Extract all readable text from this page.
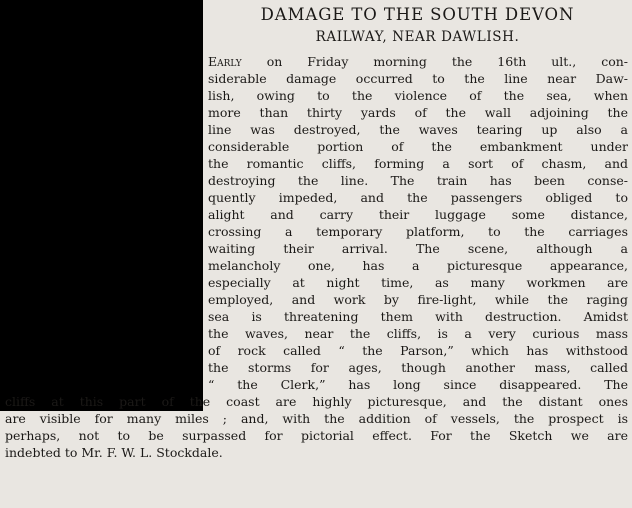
DAMAGE TO THE SOUTH DEVON
RAILWAY, NEAR DAWLISH.
Early on Friday morning the 16th ult., con-
siderable damage occurred to the line near Daw-
lish, owing to the violence of the sea, when
more than thirty yards of the wall adjoining the
line was destroyed, the waves tearing up also a
considerable portion of the embankment under
the romantic cliffs, forming a sort of chasm, and
destroying the line. The train has been conse-
quently impeded, and the passengers obliged to
alight and carry their luggage some distance,
crossing a temporary platform, to the carriages
waiting their arrival. The scene, although a
melancholy one, has a picturesque appearance,
especially at night time, as many workmen are
employed, and work by fire-light, while the raging
sea is threatening them with destruction. Amidst
the waves, near the cliffs, is a very curious mass
of rock called “ the Parson,” which has withstood
the storms for ages, though another mass, called
“ the Clerk,” has long since disappeared. The
cliffs at this part of the coast are highly picturesque, and the distant ones
are visible for many miles ; and, with the addition of vessels, the prospect is
perhaps, not to be surpassed for pictorial effect. For the Sketch we are
indebted to Mr. F. W. L. Stockdale.
